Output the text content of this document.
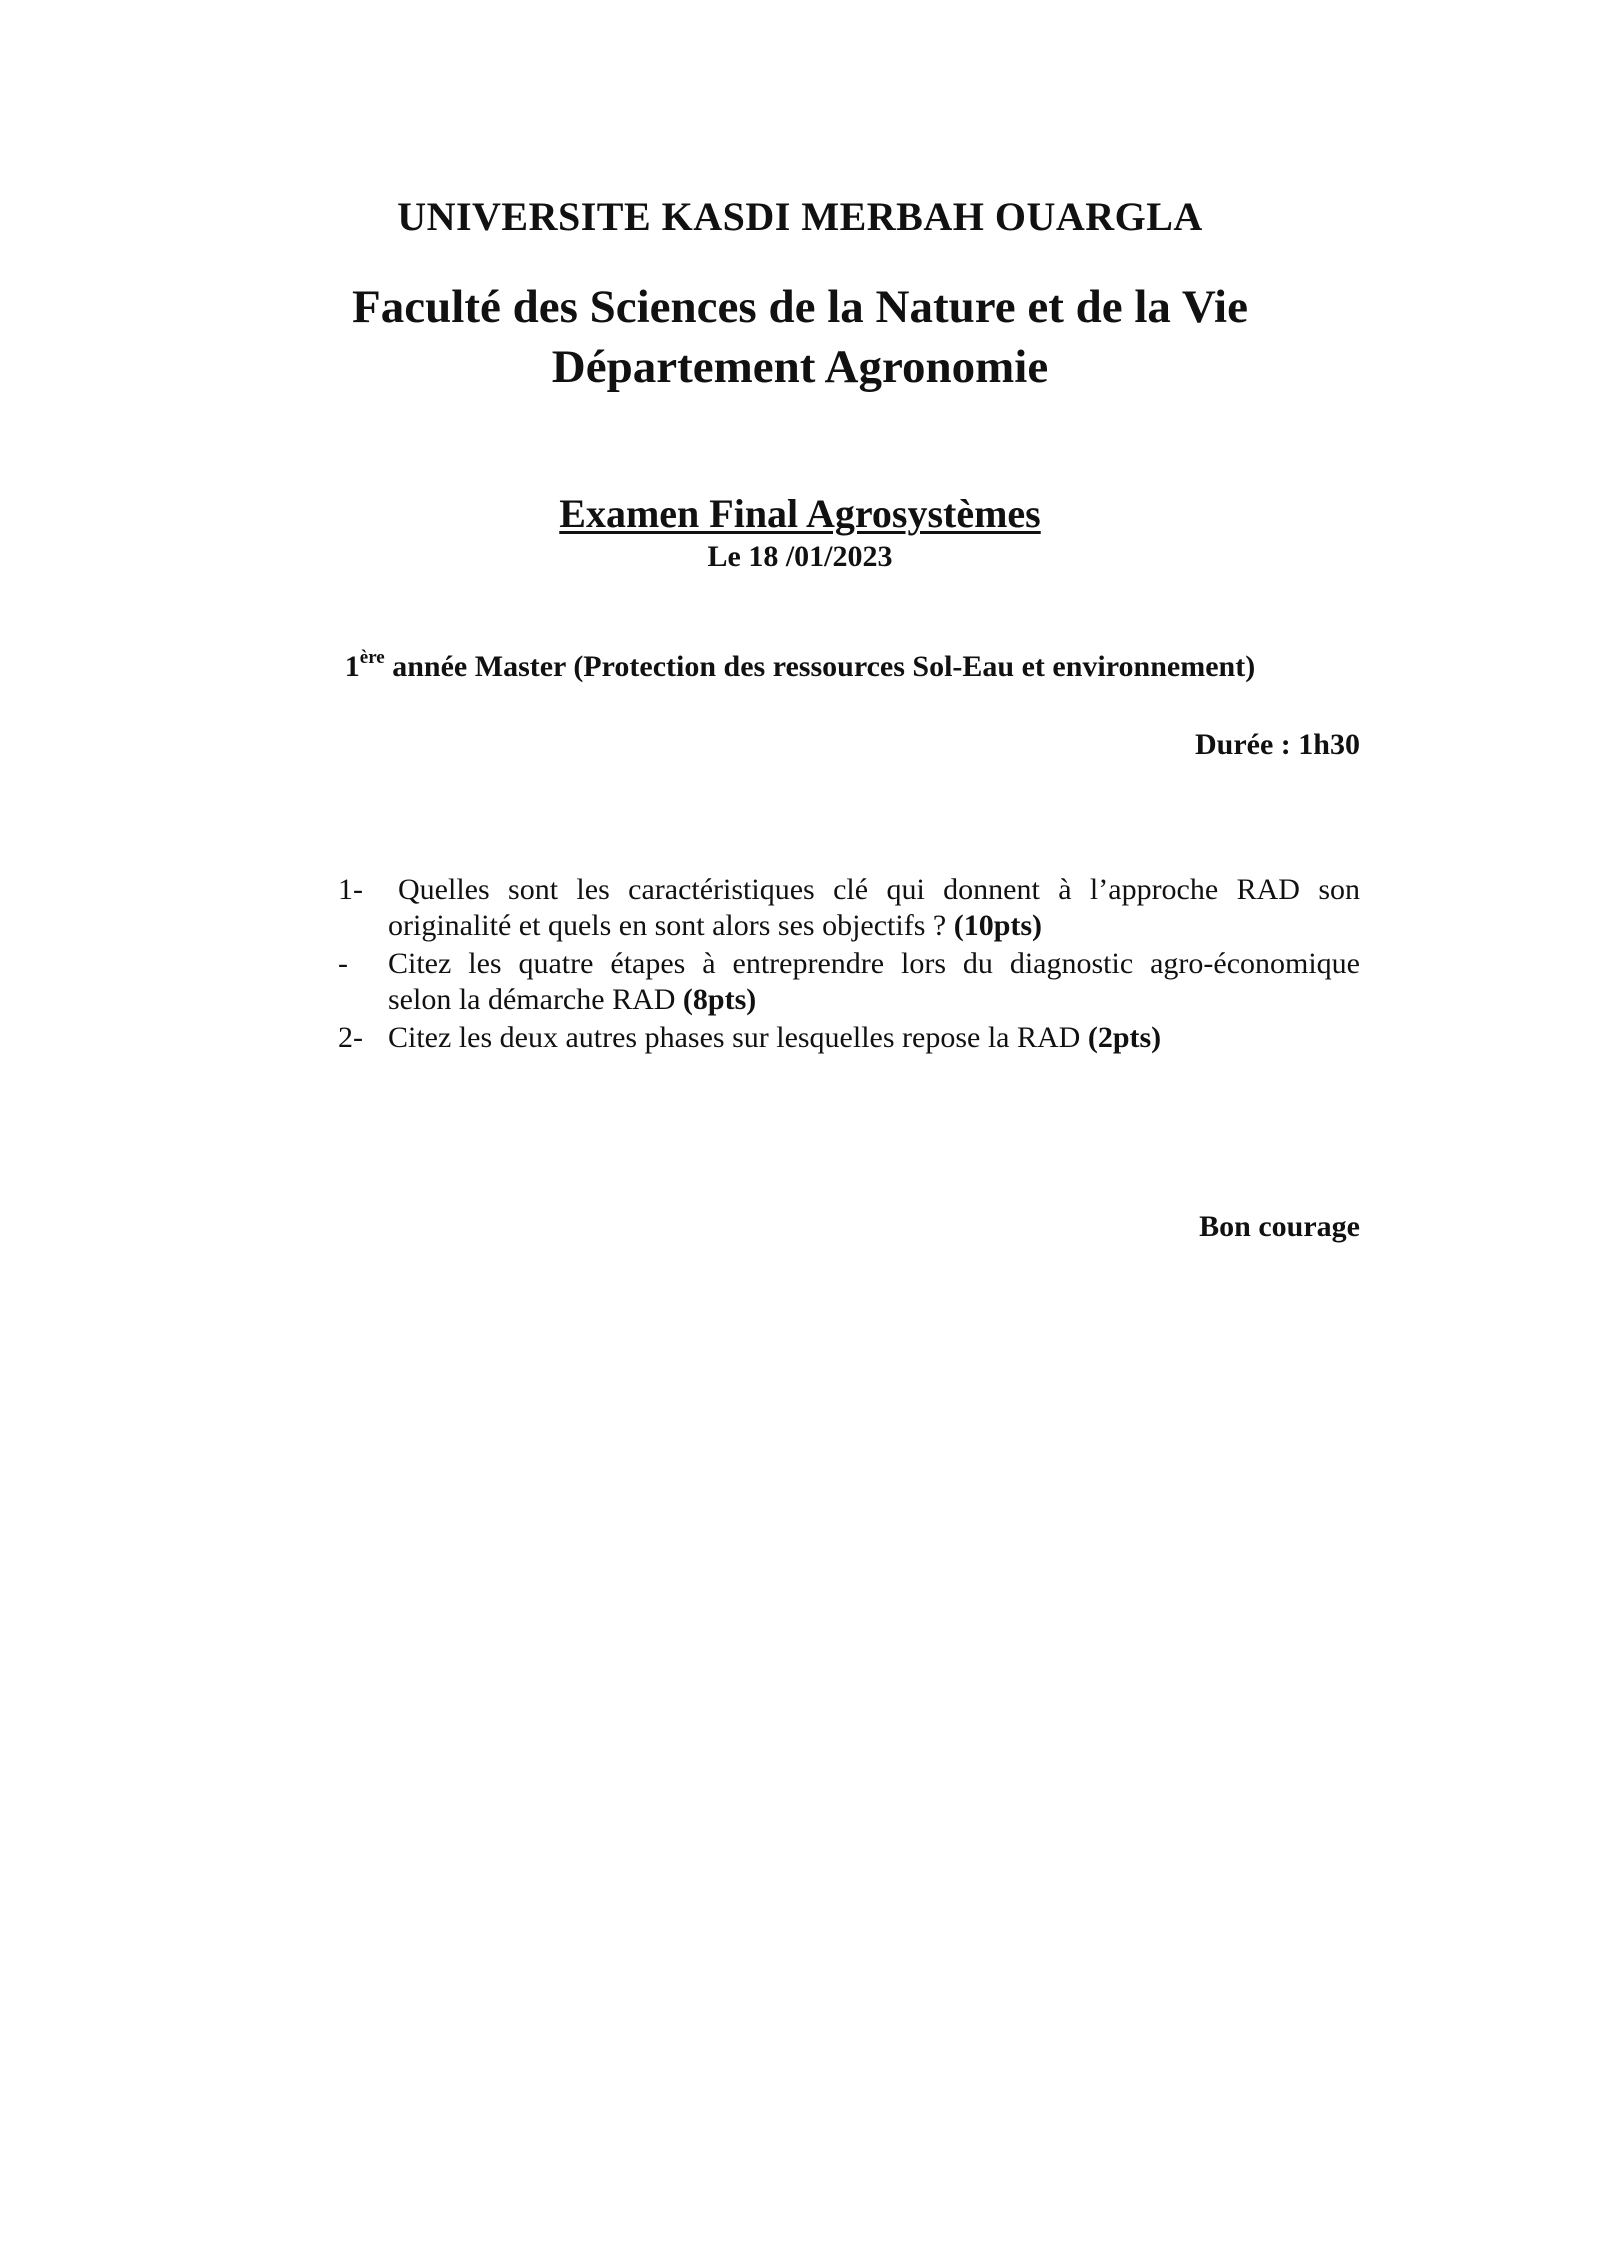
UNIVERSITE KASDI MERBAH OUARGLA
Faculté des Sciences de la Nature et de la Vie
Département Agronomie
Examen Final Agrosystèmes
Le 18 /01/2023
1ère année Master (Protection des ressources Sol-Eau et environnement)
Durée : 1h30
1-	Quelles sont les caractéristiques clé qui donnent à l’approche RAD son
originalité et quels en sont alors ses objectifs ? (10pts)
- Citez les quatre étapes à entreprendre lors du diagnostic agro-économique
selon la démarche RAD (8pts)
2- Citez les deux autres phases sur lesquelles repose la RAD (2pts)
Bon courage
